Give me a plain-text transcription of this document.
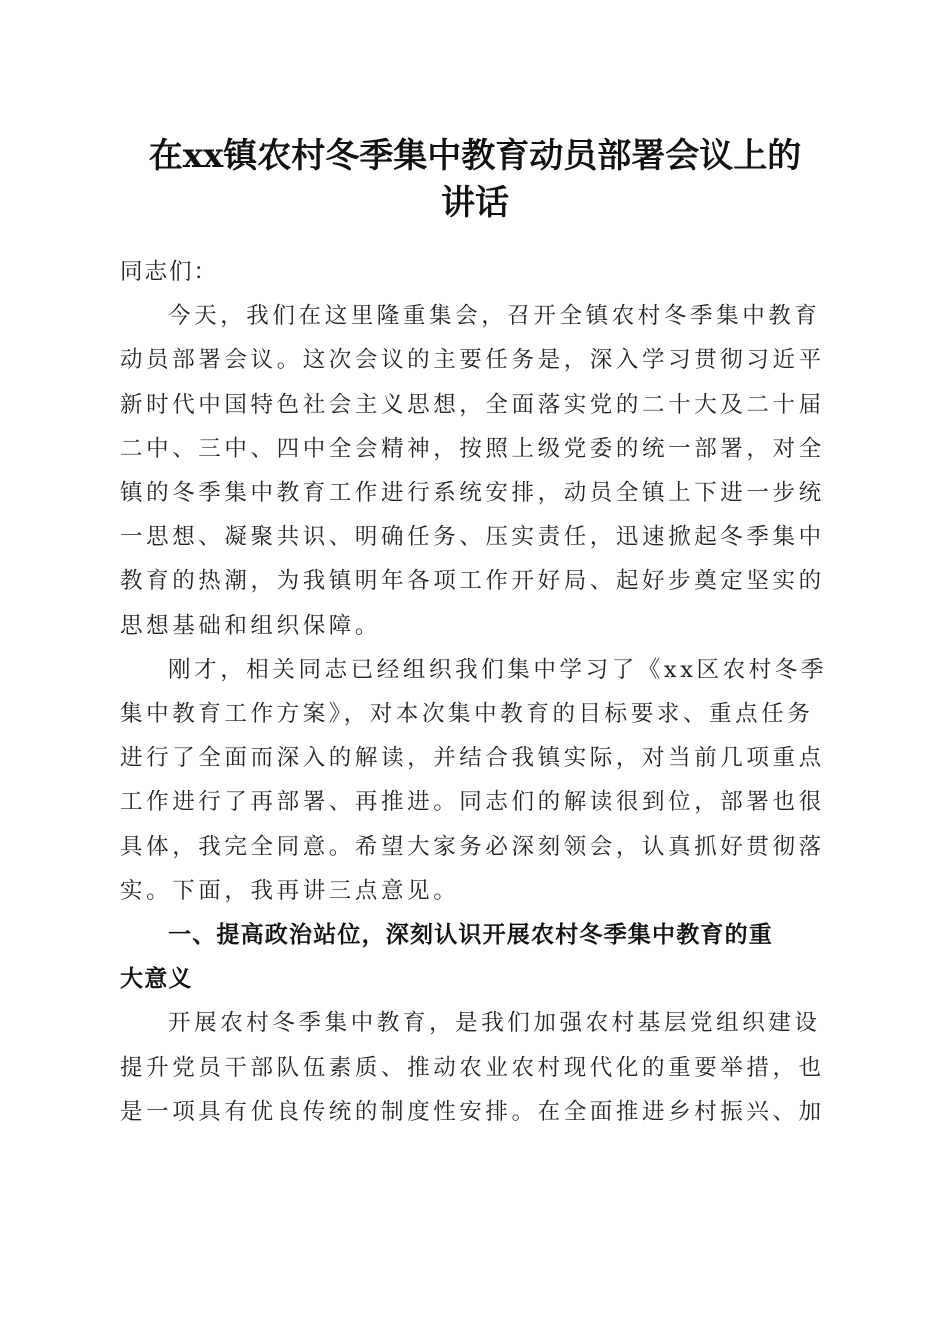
在xx镇农村冬季集中教育动员部署会议上的
讲话
同志们：
今天，我们在这里隆重集会，召开全镇农村冬季集中教育
动员部署会议。这次会议的主要任务是，深入学习贯彻习近平
新时代中国特色社会主义思想，全面落实党的二十大及二十届
二中、三中、四中全会精神，按照上级党委的统一部署，对全
镇的冬季集中教育工作进行系统安排，动员全镇上下进一步统
一思想、凝聚共识、明确任务、压实责任，迅速掀起冬季集中
教育的热潮，为我镇明年各项工作开好局、起好步奠定坚实的
思想基础和组织保障。
刚才，相关同志已经组织我们集中学习了《xx区农村冬季
集中教育工作方案》，对本次集中教育的目标要求、重点任务
进行了全面而深入的解读，并结合我镇实际，对当前几项重点
工作进行了再部署、再推进。同志们的解读很到位，部署也很
具体，我完全同意。希望大家务必深刻领会，认真抓好贯彻落
实。下面，我再讲三点意见。
一、提高政治站位，深刻认识开展农村冬季集中教育的重
大意义
开展农村冬季集中教育，是我们加强农村基层党组织建设
提升党员干部队伍素质、推动农业农村现代化的重要举措，也
是一项具有优良传统的制度性安排。在全面推进乡村振兴、加
